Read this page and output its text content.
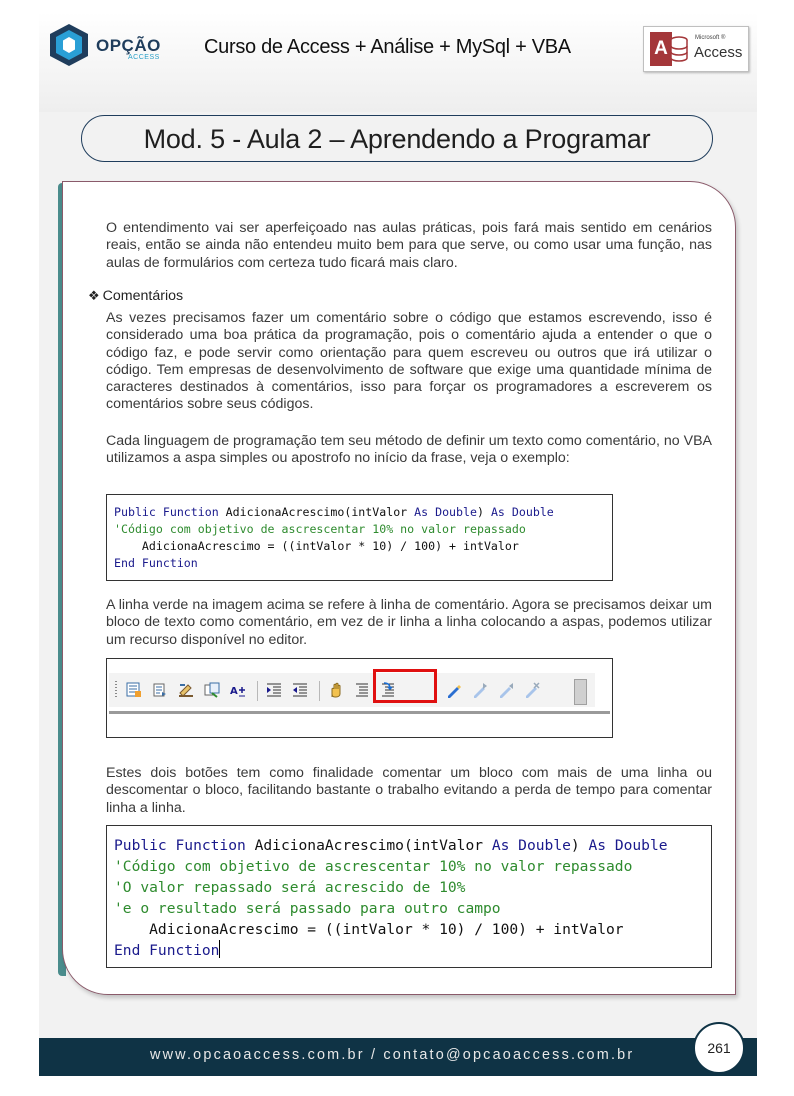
OPÇÃO
ACCESS Curso de Access + Análise + MySql + VBA	A	Microsoft ®
Access
Mod. 5 - Aula 2 – Aprendendo a Programar

O entendimento vai ser aperfeiçoado nas aulas práticas, pois fará mais sentido em cenários reais, então se ainda não entendeu muito bem para que serve, ou como usar uma função, nas aulas de formulários com certeza tudo ficará mais claro.

❖ Comentários

As vezes precisamos fazer um comentário sobre o código que estamos escrevendo, isso é considerado uma boa prática da programação, pois o comentário ajuda a entender o que o código faz, e pode servir como orientação para quem escreveu ou outros que irá utilizar o código. Tem empresas de desenvolvimento de software que exige uma quantidade mínima de caracteres destinados à comentários, isso para forçar os programadores a escreverem os comentários sobre seus códigos.

Cada linguagem de programação tem seu método de definir um texto como comentário, no VBA utilizamos a aspa simples ou apostrofo no início da frase, veja o exemplo:

Public Function AdicionaAcrescimo(intValor As Double) As Double
'Código com objetivo de ascrescentar 10% no valor repassado
AdicionaAcrescimo = ((intValor * 10) / 100) + intValor
End Function

A linha verde na imagem acima se refere à linha de comentário. Agora se precisamos deixar um bloco de texto como comentário, em vez de ir linha a linha colocando a aspas, podemos utilizar um recurso disponível no editor.

A

Estes dois botões tem como finalidade comentar um bloco com mais de uma linha ou descomentar o bloco, facilitando bastante o trabalho evitando a perda de tempo para comentar linha a linha.

Public Function AdicionaAcrescimo(intValor As Double) As Double
'Código com objetivo de ascrescentar 10% no valor repassado
'O valor repassado será acrescido de 10%
'e o resultado será passado para outro campo
AdicionaAcrescimo = ((intValor * 10) / 100) + intValor
End Function
www.opcaoaccess.com.br / contato@opcaoaccess.com.br	261
